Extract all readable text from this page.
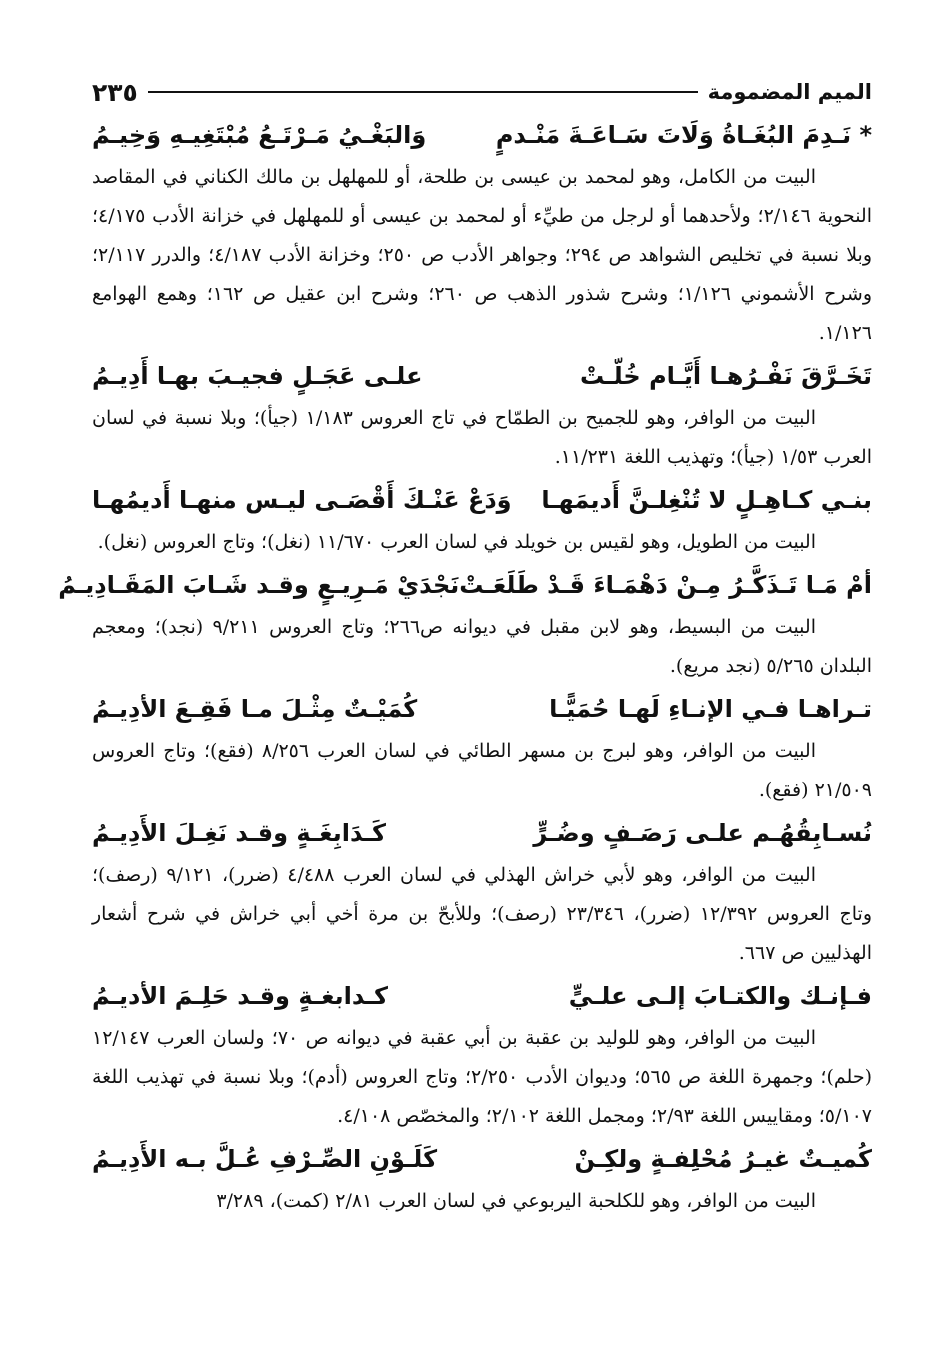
الميم المضمومة
٢٣٥
* نَـدِمَ البُغَـاةُ وَلَاتَ سَـاعَـةَ مَنْـدمٍ
وَالبَغْـيُ مَـرْتَـعُ مُبْتَغِيـهِ وَخِيـمُ

البيت من الكامل، وهو لمحمد بن عيسى بن طلحة، أو للمهلهل بن مالك الكناني في المقاصد النحوية ٢/١٤٦؛ ولأحدهما أو لرجل من طيِّء أو لمحمد بن عيسى أو للمهلهل في خزانة الأدب ٤/١٧٥؛ وبلا نسبة في تخليص الشواهد ص ٢٩٤؛ وجواهر الأدب ص ٢٥٠؛ وخزانة الأدب ٤/١٨٧؛ والدرر ٢/١١٧؛ وشرح الأشموني ١/١٢٦؛ وشرح شذور الذهب ص ٢٦٠؛ وشرح ابن عقيل ص ١٦٢؛ وهمع الهوامع ١/١٢٦.

تَخَـرَّقَ نَفْـرُهـا أَيَّـام خُلّـتْ
علـى عَجَـلٍ فجيـبَ بهـا أَدِيـمُ

البيت من الوافر، وهو للجميح بن الطمّاح في تاج العروس ١/١٨٣ (جيأ)؛ وبلا نسبة في لسان العرب ١/٥٣ (جيأ)؛ وتهذيب اللغة ١١/٢٣١.

بنـي كـاهِـلٍ لا تُنْغِلـنَّ أَديمَهـا
وَدَعْ عَنْـكَ أَقْصَـى ليـس منهـا أَديمُهـا

البيت من الطويل، وهو لقيس بن خويلد في لسان العرب ١١/٦٧٠ (نغل)؛ وتاج العروس (نغل).

أمْ مَـا تَـذَكَّـرُ مِـنْ دَهْمَـاءَ قَـدْ طَلَعَـتْ
نَجْدَيْ مَـرِيـعٍ وقـد شَـابَ المَقَـادِيـمُ

البيت من البسيط، وهو لابن مقبل في ديوانه ص٢٦٦؛ وتاج العروس ٩/٢١١ (نجد)؛ ومعجم البلدان ٥/٢٦٥ (نجد مريع).

تـراهـا فـي الإنـاءِ لَهـا حُمَيًّـا
كُمَيْـتٌ مِثْـلَ مـا فَقِـعَ الأدِيـمُ

البيت من الوافر، وهو لبرج بن مسهر الطائي في لسان العرب ٨/٢٥٦ (فقع)؛ وتاج العروس ٢١/٥٠٩ (فقع).

نُسـابِقُهُـم علـى رَصَـفٍ وضُـرٍّ
كَـدَابِغَـةٍ وقـد نَغِـلَ الأَدِيـمُ

البيت من الوافر، وهو لأبي خراش الهذلي في لسان العرب ٤/٤٨٨ (ضرر)، ٩/١٢١ (رصف)؛ وتاج العروس ١٢/٣٩٢ (ضرر)، ٢٣/٣٤٦ (رصف)؛ وللأبحّ بن مرة أخي أبي خراش في شرح أشعار الهذليين ص ٦٦٧.

فـإنـك والكتـابَ إلـى علـيٍّ
كـدابغـةٍ وقـد حَلِـمَ الأديـمُ

البيت من الوافر، وهو للوليد بن عقبة بن أبي عقبة في ديوانه ص ٧٠؛ ولسان العرب ١٢/١٤٧ (حلم)؛ وجمهرة اللغة ص ٥٦٥؛ وديوان الأدب ٢/٢٥٠؛ وتاج العروس (أدم)؛ وبلا نسبة في تهذيب اللغة ٥/١٠٧؛ ومقاييس اللغة ٢/٩٣؛ ومجمل اللغة ٢/١٠٢؛ والمخصّص ٤/١٠٨.

كُميـتٌ غيـرُ مُحْلِفـةٍ ولكِـنْ
كَلَـوْنِ الصِّـرْفِ عُـلَّ بـه الأَدِيـمُ

البيت من الوافر، وهو للكلحبة اليربوعي في لسان العرب ٢/٨١ (كمت)، ٣/٢٨٩
